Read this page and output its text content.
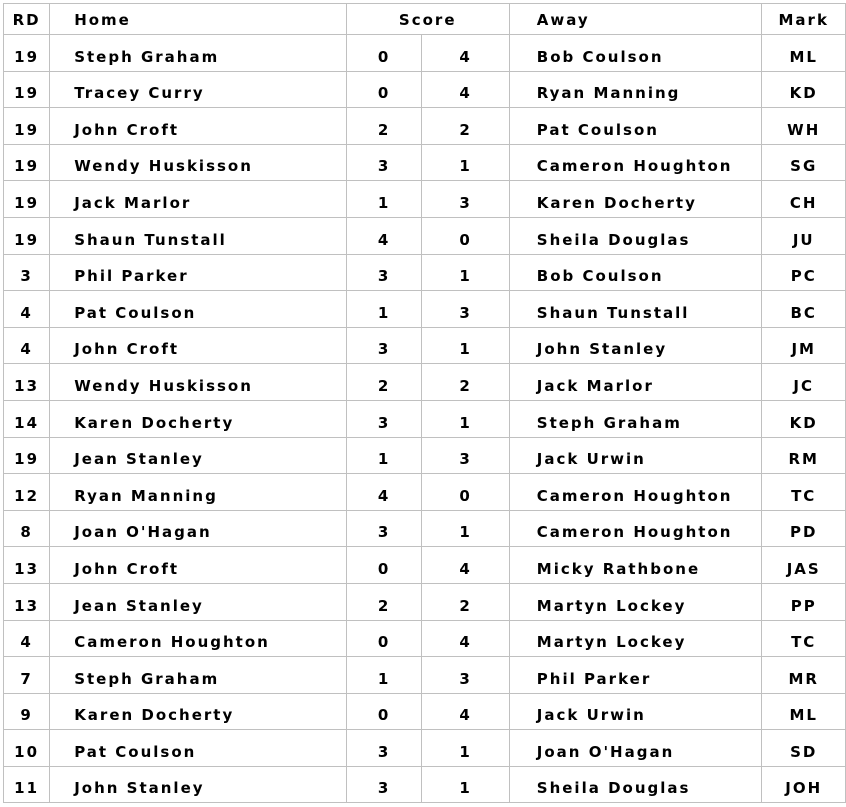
RD	Home	Score		Away	Mark
19	Steph Graham	0	4	Bob Coulson	ML
19	Tracey Curry	0	4	Ryan Manning	KD
19	John Croft	2	2	Pat Coulson	WH
19	Wendy Huskisson	3	1	Cameron Houghton	SG
19	Jack Marlor	1	3	Karen Docherty	CH
19	Shaun Tunstall	4	0	Sheila Douglas	JU
3	Phil Parker	3	1	Bob Coulson	PC
4	Pat Coulson	1	3	Shaun Tunstall	BC
4	John Croft	3	1	John Stanley	JM
13	Wendy Huskisson	2	2	Jack Marlor	JC
14	Karen Docherty	3	1	Steph Graham	KD
19	Jean Stanley	1	3	Jack Urwin	RM
12	Ryan Manning	4	0	Cameron Houghton	TC
8	Joan O'Hagan	3	1	Cameron Houghton	PD
13	John Croft	0	4	Micky Rathbone	JAS
13	Jean Stanley	2	2	Martyn Lockey	PP
4	Cameron Houghton	0	4	Martyn Lockey	TC
7	Steph Graham	1	3	Phil Parker	MR
9	Karen Docherty	0	4	Jack Urwin	ML
10	Pat Coulson	3	1	Joan O'Hagan	SD
11	John Stanley	3	1	Sheila Douglas	JOH
